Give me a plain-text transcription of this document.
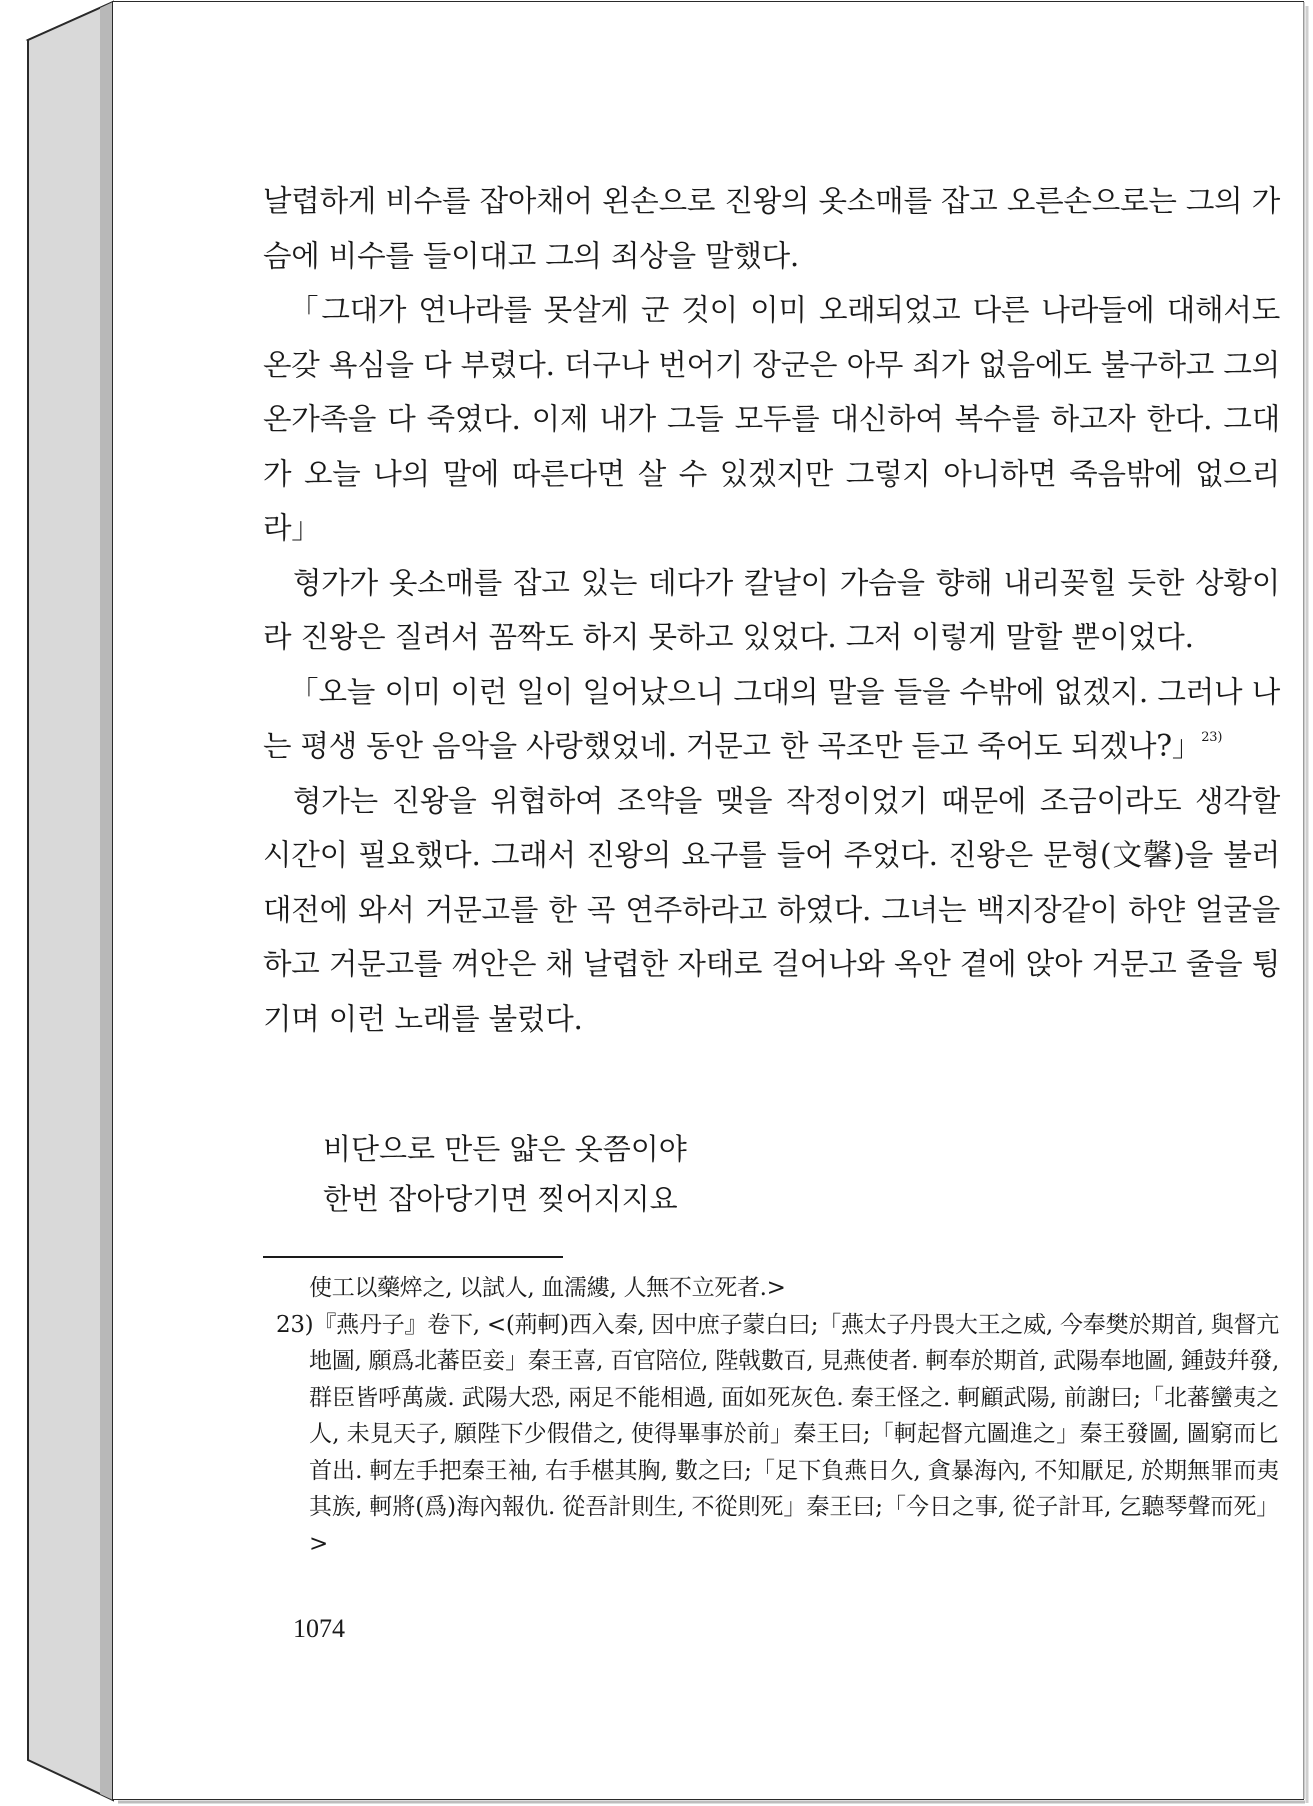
날렵하게 비수를 잡아채어 왼손으로 진왕의 옷소매를 잡고 오른손으로는 그의 가슴에 비수를 들이대고 그의 죄상을 말했다.

「그대가 연나라를 못살게 군 것이 이미 오래되었고 다른 나라들에 대해서도 온갖 욕심을 다 부렸다. 더구나 번어기 장군은 아무 죄가 없음에도 불구하고 그의 온가족을 다 죽였다. 이제 내가 그들 모두를 대신하여 복수를 하고자 한다. 그대가 오늘 나의 말에 따른다면 살 수 있겠지만 그렇지 아니하면 죽음밖에 없으리라」

형가가 옷소매를 잡고 있는 데다가 칼날이 가슴을 향해 내리꽂힐 듯한 상황이라 진왕은 질려서 꼼짝도 하지 못하고 있었다. 그저 이렇게 말할 뿐이었다.

「오늘 이미 이런 일이 일어났으니 그대의 말을 들을 수밖에 없겠지. 그러나 나는 평생 동안 음악을 사랑했었네. 거문고 한 곡조만 듣고 죽어도 되겠나?」$^{23)}$

형가는 진왕을 위협하여 조약을 맺을 작정이었기 때문에 조금이라도 생각할 시간이 필요했다. 그래서 진왕의 요구를 들어 주었다. 진왕은 문형(文馨)을 불러 대전에 와서 거문고를 한 곡 연주하라고 하였다. 그녀는 백지장같이 하얀 얼굴을 하고 거문고를 껴안은 채 날렵한 자태로 걸어나와 옥안 곁에 앉아 거문고 줄을 튕기며 이런 노래를 불렀다.

비단으로 만든 얇은 옷쯤이야
한번 잡아당기면 찢어지지요

使工以藥焠之, 以試人, 血濡縷, 人無不立死者.>

23)『燕丹子』卷下, <(荊軻)西入秦, 因中庶子蒙白曰;「燕太子丹畏大王之威, 今奉樊於期首, 與督亢地圖, 願爲北蕃臣妾」秦王喜, 百官陪位, 陛戟數百, 見燕使者. 軻奉於期首, 武陽奉地圖, 鍾鼓幷發, 群臣皆呼萬歲. 武陽大恐, 兩足不能相過, 面如死灰色. 秦王怪之. 軻顧武陽, 前謝曰;「北蕃蠻夷之人, 未見天子, 願陛下少假借之, 使得畢事於前」秦王曰;「軻起督亢圖進之」秦王發圖, 圖窮而匕首出. 軻左手把秦王袖, 右手椹其胸, 數之曰;「足下負燕日久, 貪暴海內, 不知厭足, 於期無罪而夷其族, 軻將(爲)海內報仇. 從吾計則生, 不從則死」秦王曰;「今日之事, 從子計耳, 乞聽琴聲而死」>

1074
